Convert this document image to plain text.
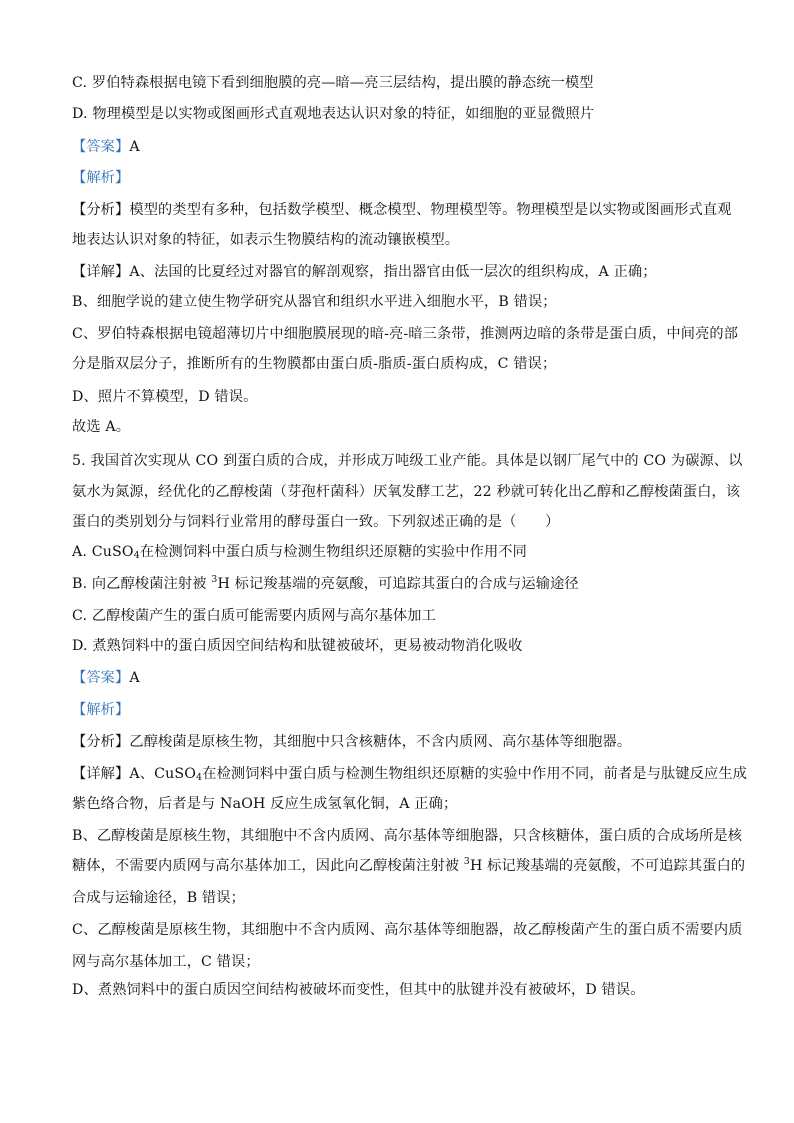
C. 罗伯特森根据电镜下看到细胞膜的亮—暗—亮三层结构，提出膜的静态统一模型
D. 物理模型是以实物或图画形式直观地表达认识对象的特征，如细胞的亚显微照片
【答案】A
【解析】
【分析】模型的类型有多种，包括数学模型、概念模型、物理模型等。物理模型是以实物或图画形式直观
地表达认识对象的特征，如表示生物膜结构的流动镶嵌模型。
【详解】A、法国的比夏经过对器官的解剖观察，指出器官由低一层次的组织构成，A 正确；
B、细胞学说的建立使生物学研究从器官和组织水平进入细胞水平，B 错误；
C、罗伯特森根据电镜超薄切片中细胞膜展现的暗-亮-暗三条带，推测两边暗的条带是蛋白质，中间亮的部
分是脂双层分子，推断所有的生物膜都由蛋白质-脂质-蛋白质构成，C 错误；
D、照片不算模型，D 错误。
故选 A。
5. 我国首次实现从 CO 到蛋白质的合成，并形成万吨级工业产能。具体是以钢厂尾气中的 CO 为碳源、以
氨水为氮源，经优化的乙醇梭菌（芽孢杆菌科）厌氧发酵工艺，22 秒就可转化出乙醇和乙醇梭菌蛋白，该
蛋白的类别划分与饲料行业常用的酵母蛋白一致。下列叙述正确的是（　　）
A. CuSO$_4$在检测饲料中蛋白质与检测生物组织还原糖的实验中作用不同
B. 向乙醇梭菌注射被 $^3$H 标记羧基端的亮氨酸，可追踪其蛋白的合成与运输途径
C. 乙醇梭菌产生的蛋白质可能需要内质网与高尔基体加工
D. 煮熟饲料中的蛋白质因空间结构和肽键被破坏，更易被动物消化吸收
【答案】A
【解析】
【分析】乙醇梭菌是原核生物，其细胞中只含核糖体，不含内质网、高尔基体等细胞器。
【详解】A、CuSO$_4$在检测饲料中蛋白质与检测生物组织还原糖的实验中作用不同，前者是与肽键反应生成
紫色络合物，后者是与 NaOH 反应生成氢氧化铜，A 正确；
B、乙醇梭菌是原核生物，其细胞中不含内质网、高尔基体等细胞器，只含核糖体，蛋白质的合成场所是核
糖体，不需要内质网与高尔基体加工，因此向乙醇梭菌注射被 $^3$H 标记羧基端的亮氨酸，不可追踪其蛋白的
合成与运输途径，B 错误；
C、乙醇梭菌是原核生物，其细胞中不含内质网、高尔基体等细胞器，故乙醇梭菌产生的蛋白质不需要内质
网与高尔基体加工，C 错误；
D、煮熟饲料中的蛋白质因空间结构被破坏而变性，但其中的肽键并没有被破坏，D 错误。
